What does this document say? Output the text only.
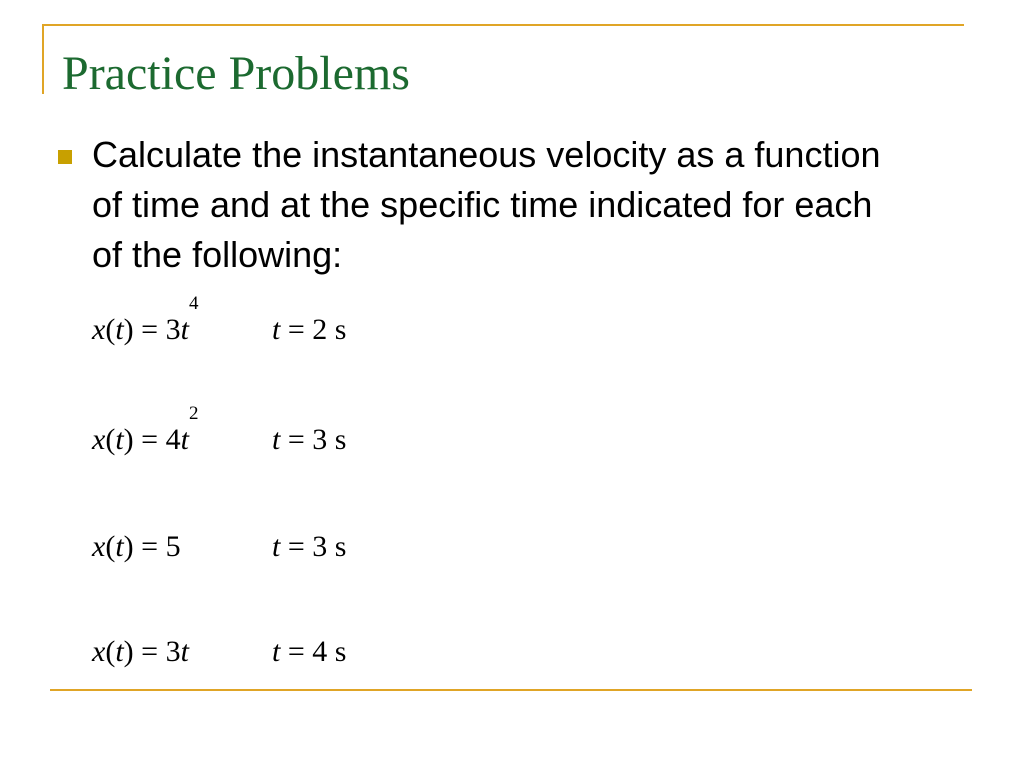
Practice Problems

Calculate the instantaneous velocity as a function of time and at the specific time indicated for each of the following:

$x(t) = 3t^4$
t = 2 s
$x(t) = 4t^2$
t = 3 s
x(t) = 5	t = 3 s
x(t) = 3t	t = 4 s
